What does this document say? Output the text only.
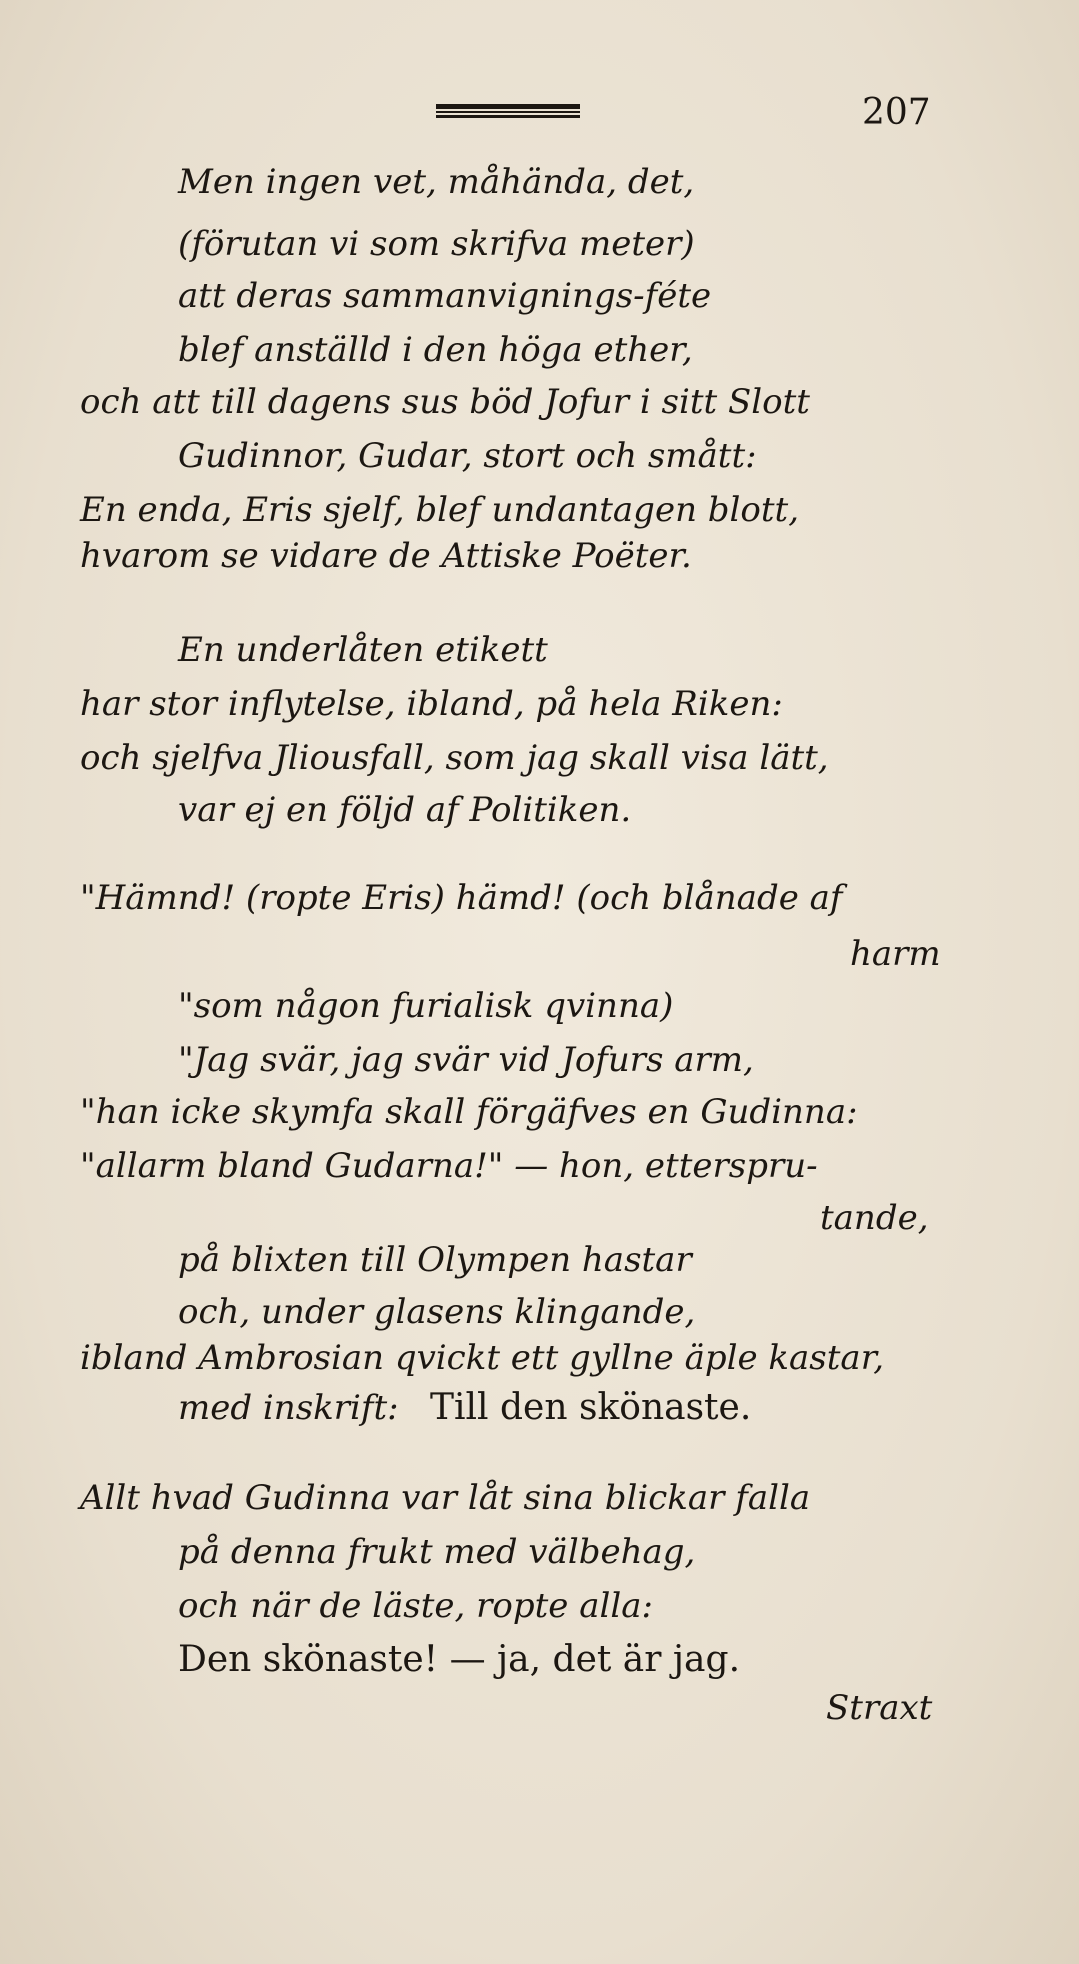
207
Men ingen vet, måhända, det,
(förutan vi som skrifva meter)
att deras sammanvignings-féte
blef anställd i den höga ether,
och att till dagens sus böd Jofur i sitt Slott
Gudinnor, Gudar, stort och smått:
En enda, Eris sjelf, blef undantagen blott,
hvarom se vidare de Attiske Poëter.
En underlåten etikett
har stor inflytelse, ibland, på hela Riken:
och sjelfva Jliousfall, som jag skall visa lätt,
var ej en följd af Politiken.
"Hämnd! (ropte Eris) hämd! (och blånade af
harm
"som någon furialisk qvinna)
"Jag svär, jag svär vid Jofurs arm,
"han icke skymfa skall förgäfves en Gudinna:
"allarm bland Gudarna!" — hon, etterspru-
tande,
på blixten till Olympen hastar
och, under glasens klingande,
ibland Ambrosian qvickt ett gyllne äple kastar,
med inskrift: Till den skönaste.
Allt hvad Gudinna var låt sina blickar falla
på denna frukt med välbehag,
och när de läste, ropte alla:
Den skönaste! — ja, det är jag.
Straxt
